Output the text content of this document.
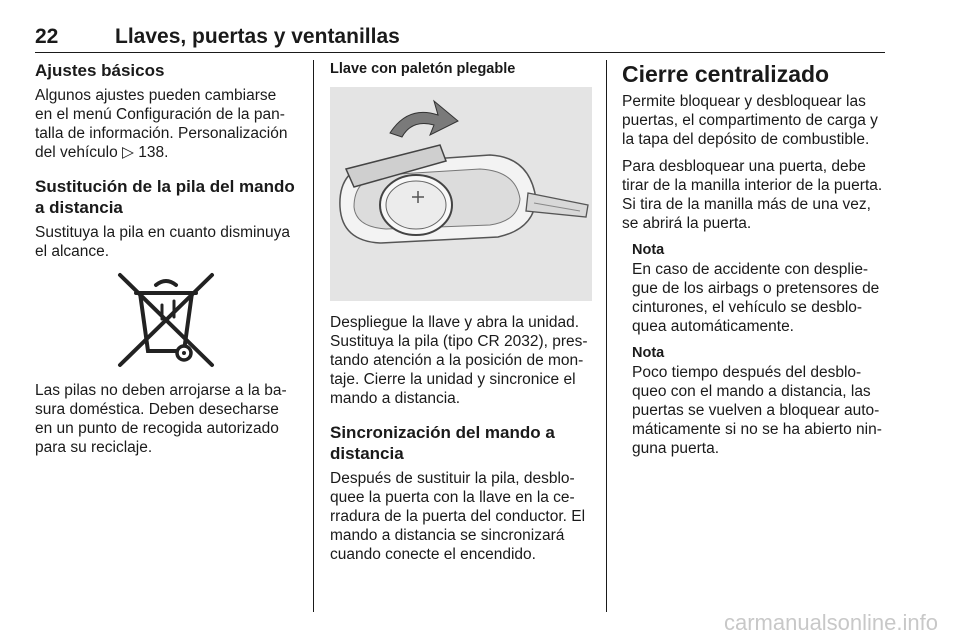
22	Llaves, puertas y ventanillas
Ajustes básicos
Algunos ajustes pueden cambiarse en el menú Configuración de la pan-talla de información. Personalización del vehículo ▷ 138.
Sustitución de la pila del mando a distancia
Sustituya la pila en cuanto disminuya el alcance.
Las pilas no deben arrojarse a la ba-sura doméstica. Deben desecharse en un punto de recogida autorizado para su reciclaje.
Llave con paletón plegable
Despliegue la llave y abra la unidad. Sustituya la pila (tipo CR 2032), pres-tando atención a la posición de mon-taje. Cierre la unidad y sincronice el mando a distancia.
Sincronización del mando a distancia
Después de sustituir la pila, desblo-quee la puerta con la llave en la ce-rradura de la puerta del conductor. El mando a distancia se sincronizará cuando conecte el encendido.
Cierre centralizado
Permite bloquear y desbloquear las puertas, el compartimento de carga y la tapa del depósito de combustible.
Para desbloquear una puerta, debe tirar de la manilla interior de la puerta. Si tira de la manilla más de una vez, se abrirá la puerta.
Nota
En caso de accidente con desplie-gue de los airbags o pretensores de cinturones, el vehículo se desblo-quea automáticamente.
Nota
Poco tiempo después del desblo-queo con el mando a distancia, las puertas se vuelven a bloquear auto-máticamente si no se ha abierto nin-guna puerta.
carmanualsonline.info
